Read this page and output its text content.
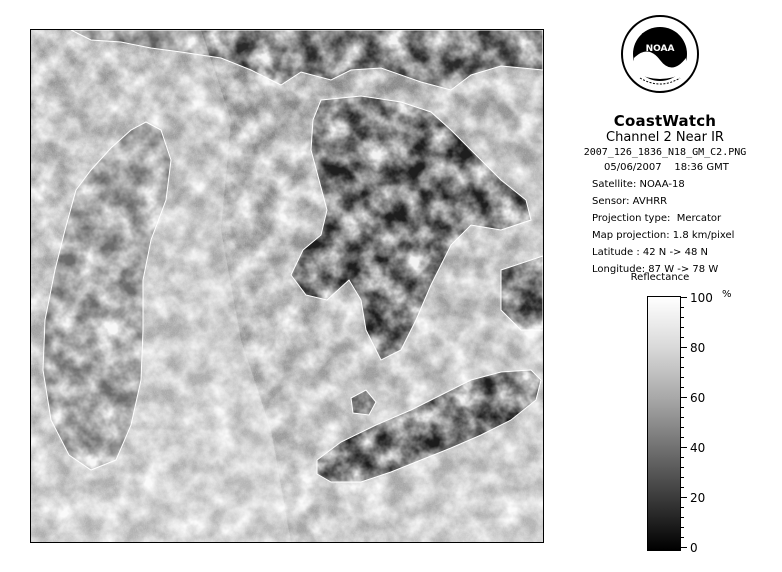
NOAA
CoastWatch
Channel 2 Near IR
2007_126_1836_N18_GM_C2.PNG
05/06/2007    18:36 GMT
Satellite: NOAA-18
Sensor: AVHRR
Projection type:  Mercator
Map projection: 1.8 km/pixel
Latitude : 42 N -> 48 N
Longitude: 87 W -> 78 W
Reflectance
%
100
80
60
40
20
0
